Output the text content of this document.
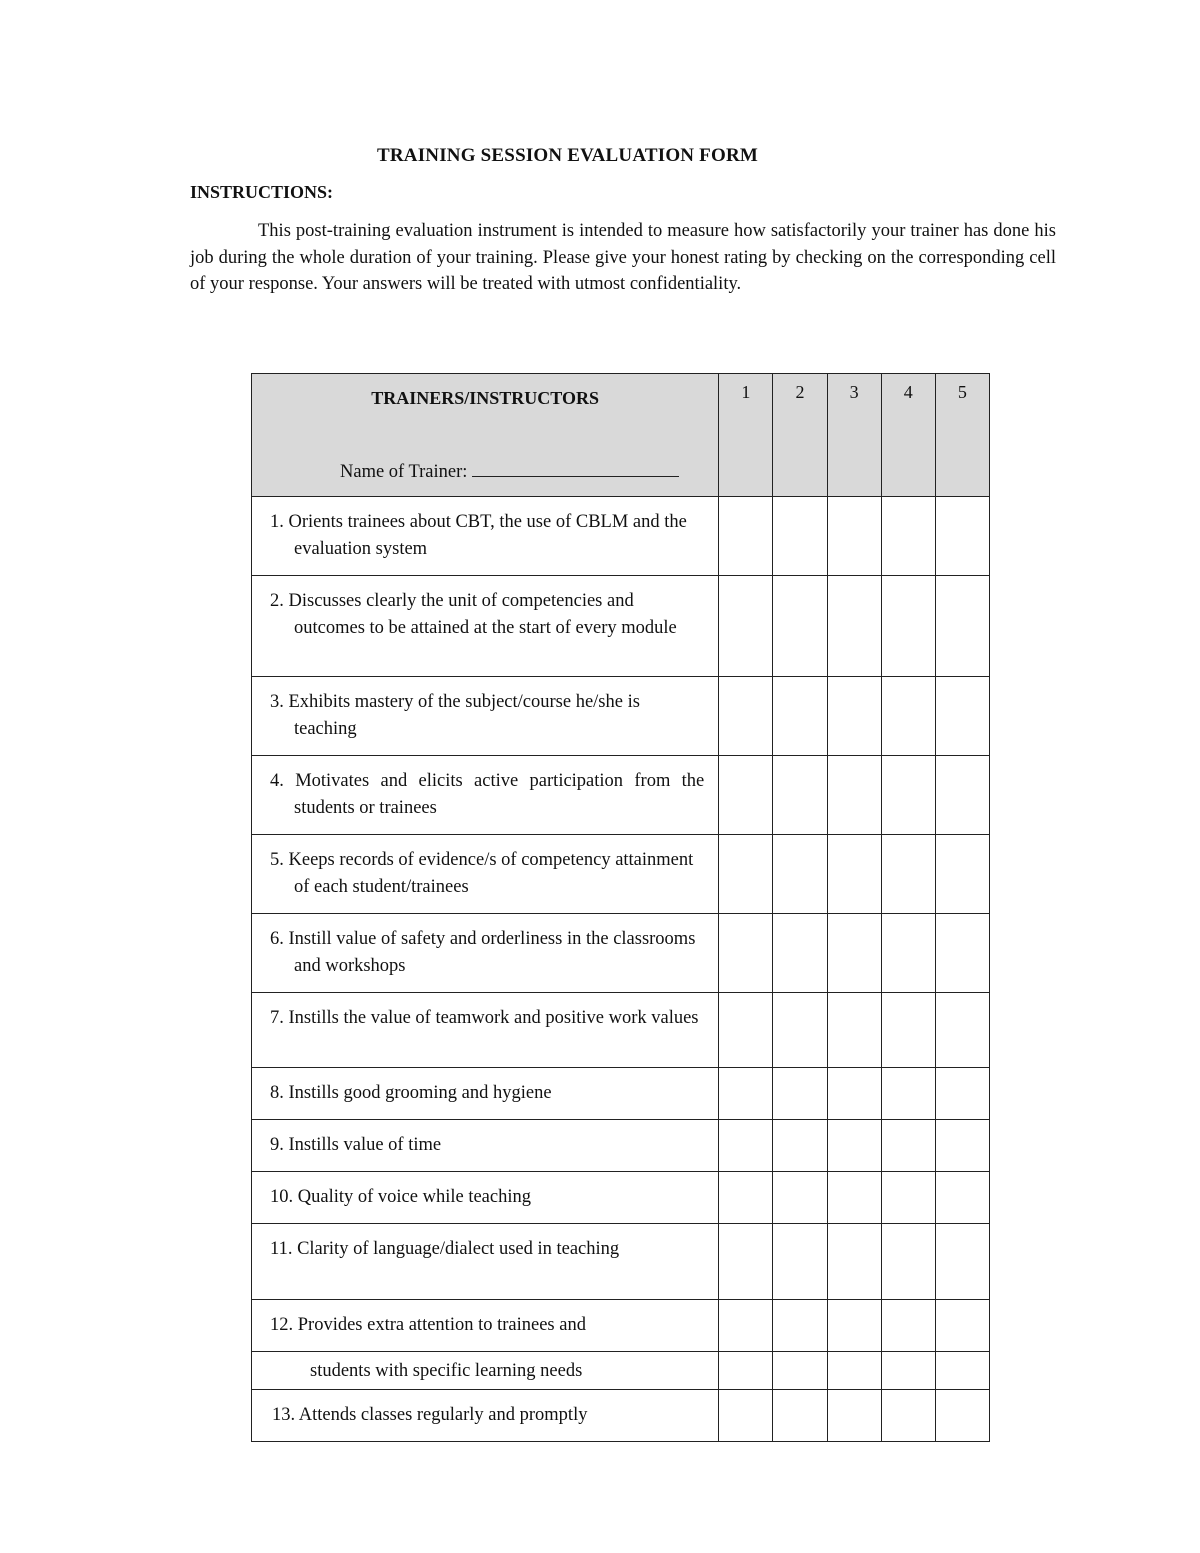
TRAINING SESSION EVALUATION FORM
INSTRUCTIONS:

This post-training evaluation instrument is intended to measure how satisfactorily your trainer has done his job during the whole duration of your training. Please give your honest rating by checking on the corresponding cell of your response. Your answers will be treated with utmost confidentiality.

TRAINERS/INSTRUCTORS
Name of Trainer:	1	2	3	4	5

1. Orients trainees about CBT, the use of CBLM and the evaluation system					

2. Discusses clearly the unit of competencies and outcomes to be attained at the start of every module					

3. Exhibits mastery of the subject/course he/she is teaching					

4. Motivates and elicits active participation from the students or trainees					

5. Keeps records of evidence/s of competency attainment of each student/trainees					

6. Instill value of safety and orderliness in the classrooms and workshops					

7. Instills the value of teamwork and positive work values					

8. Instills good grooming and hygiene					

9. Instills value of time					

10. Quality of voice while teaching					

11. Clarity of language/dialect used in teaching					

12. Provides extra attention to trainees and					

students with specific learning needs					

13. Attends classes regularly and promptly					
